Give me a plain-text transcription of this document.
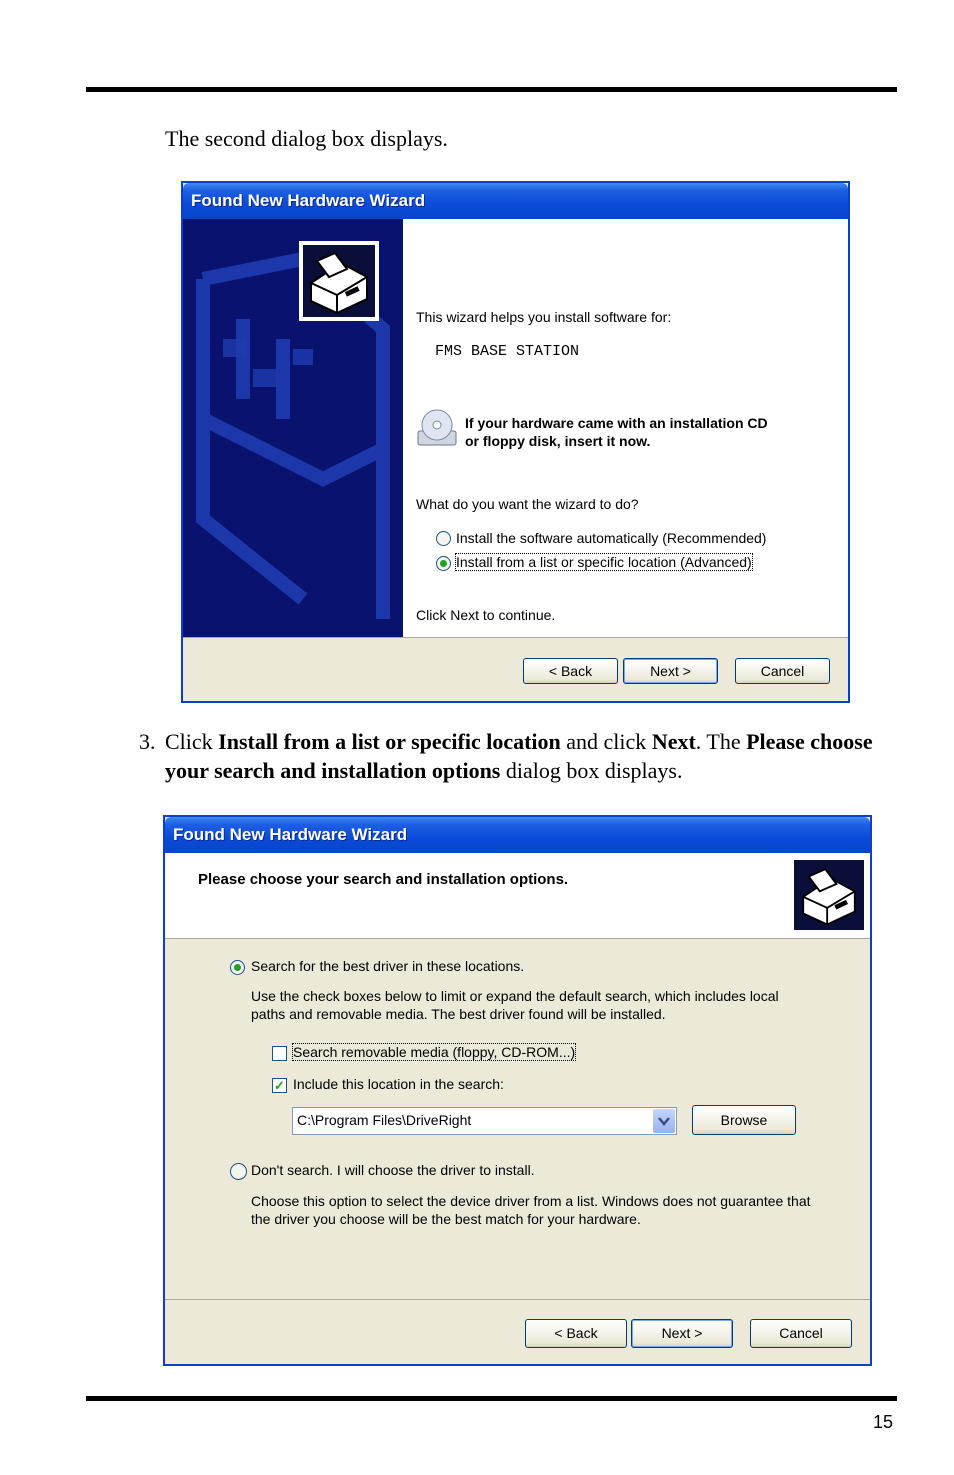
The second dialog box displays.
Found New Hardware Wizard
This wizard helps you install software for:
FMS BASE STATION
If your hardware came with an installation CD
or floppy disk, insert it now.
What do you want the wizard to do?
Install the software automatically (Recommended)
Install from a list or specific location (Advanced)
Click Next to continue.
< Back	Next >	Cancel
3. Click Install from a list or specific location and click Next. The Please choose your search and installation options dialog box displays.
Found New Hardware Wizard
Please choose your search and installation options.
Search for the best driver in these locations.
Use the check boxes below to limit or expand the default search, which includes local
paths and removable media. The best driver found will be installed.
Search removable media (floppy, CD-ROM...)
✓ Include this location in the search:
C:\Program Files\DriveRight	Browse
Don't search. I will choose the driver to install.
Choose this option to select the device driver from a list. Windows does not guarantee that
the driver you choose will be the best match for your hardware.
< Back	Next >	Cancel
15
